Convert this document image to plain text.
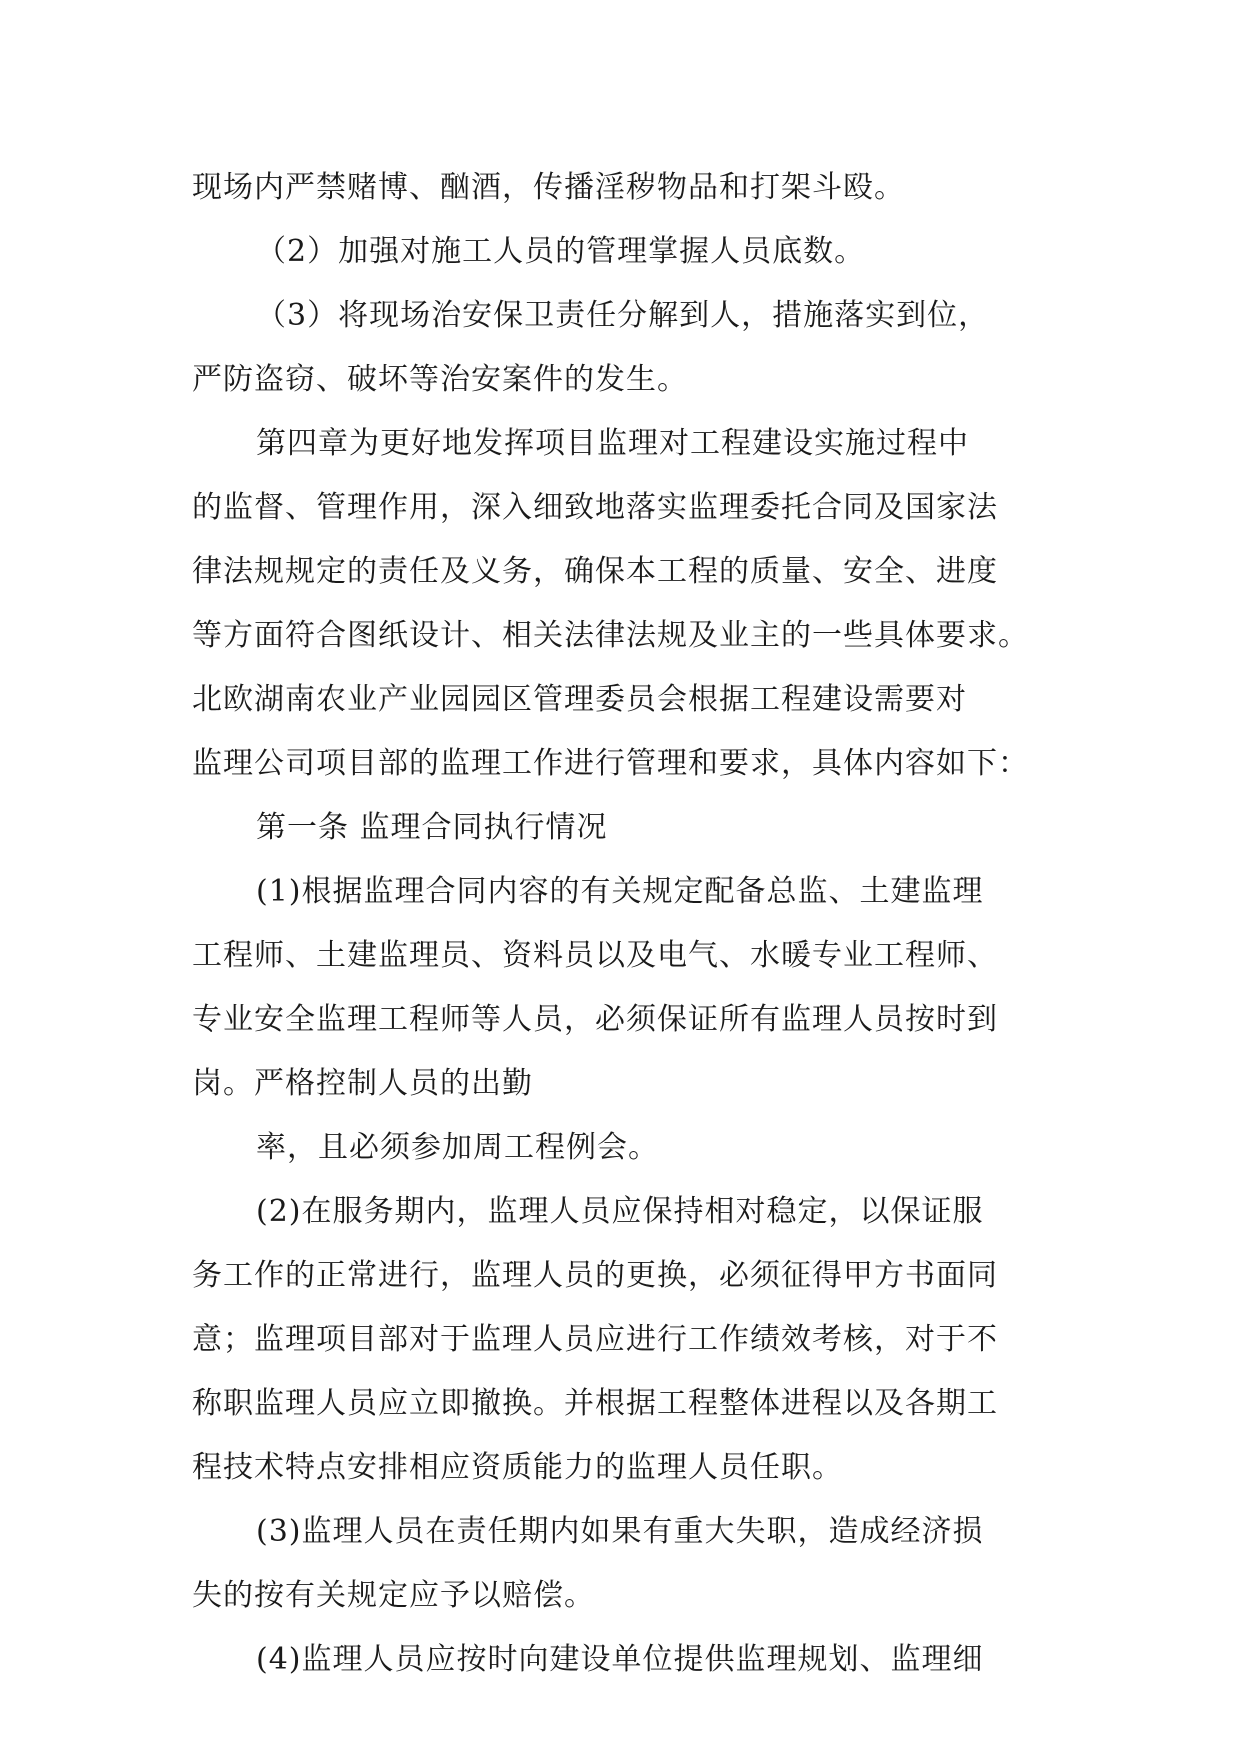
现场内严禁赌博、酗酒，传播淫秽物品和打架斗殴。
（2）加强对施工人员的管理掌握人员底数。
（3）将现场治安保卫责任分解到人，措施落实到位，
严防盗窃、破坏等治安案件的发生。
第四章为更好地发挥项目监理对工程建设实施过程中
的监督、管理作用，深入细致地落实监理委托合同及国家法
律法规规定的责任及义务，确保本工程的质量、安全、进度
等方面符合图纸设计、相关法律法规及业主的一些具体要求。
北欧湖南农业产业园园区管理委员会根据工程建设需要对
监理公司项目部的监理工作进行管理和要求，具体内容如下：
第一条 监理合同执行情况
(1)根据监理合同内容的有关规定配备总监、土建监理
工程师、土建监理员、资料员以及电气、水暖专业工程师、
专业安全监理工程师等人员，必须保证所有监理人员按时到
岗。严格控制人员的出勤
率，且必须参加周工程例会。
(2)在服务期内，监理人员应保持相对稳定，以保证服
务工作的正常进行，监理人员的更换，必须征得甲方书面同
意；监理项目部对于监理人员应进行工作绩效考核，对于不
称职监理人员应立即撤换。并根据工程整体进程以及各期工
程技术特点安排相应资质能力的监理人员任职。
(3)监理人员在责任期内如果有重大失职，造成经济损
失的按有关规定应予以赔偿。
(4)监理人员应按时向建设单位提供监理规划、监理细
